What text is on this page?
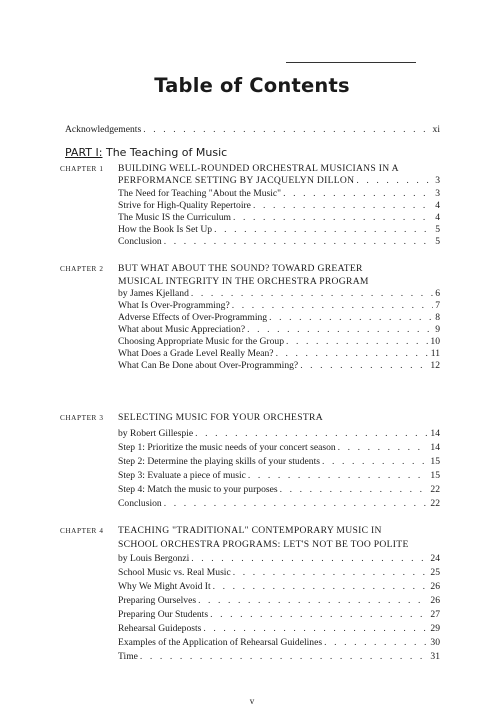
Table of Contents
Acknowledgements . . .	xi
PART I: The Teaching of Music
CHAPTER 1	BUILDING WELL-ROUNDED ORCHESTRAL MUSICIANS IN A
PERFORMANCE SETTING BY JACQUELYN DILLON . . .	3
The Need for Teaching "About the Music" . . .	3
Strive for High-Quality Repertoire . . .	4
The Music IS the Curriculum . . .	4
How the Book Is Set Up . . .	5
Conclusion . . .	5
CHAPTER 2	BUT WHAT ABOUT THE SOUND? TOWARD GREATER
MUSICAL INTEGRITY IN THE ORCHESTRA PROGRAM
by James Kjelland . . .	6
What Is Over-Programming? . . .	7
Adverse Effects of Over-Programming . . .	8
What about Music Appreciation? . . .	9
Choosing Appropriate Music for the Group . . .	10
What Does a Grade Level Really Mean? . . .	11
What Can Be Done about Over-Programming? . . .	12
CHAPTER 3	SELECTING MUSIC FOR YOUR ORCHESTRA
by Robert Gillespie . . .	14
Step 1: Prioritize the music needs of your concert season . . .	14
Step 2: Determine the playing skills of your students . . .	15
Step 3: Evaluate a piece of music . . .	15
Step 4: Match the music to your purposes . . .	22
Conclusion . . .	22
CHAPTER 4	TEACHING "TRADITIONAL" CONTEMPORARY MUSIC IN
SCHOOL ORCHESTRA PROGRAMS: LET'S NOT BE TOO POLITE
by Louis Bergonzi . . .	24
School Music vs. Real Music . . .	25
Why We Might Avoid It . . .	26
Preparing Ourselves . . .	26
Preparing Our Students . . .	27
Rehearsal Guideposts . . .	29
Examples of the Application of Rehearsal Guidelines . . .	30
Time . . .	31
v
